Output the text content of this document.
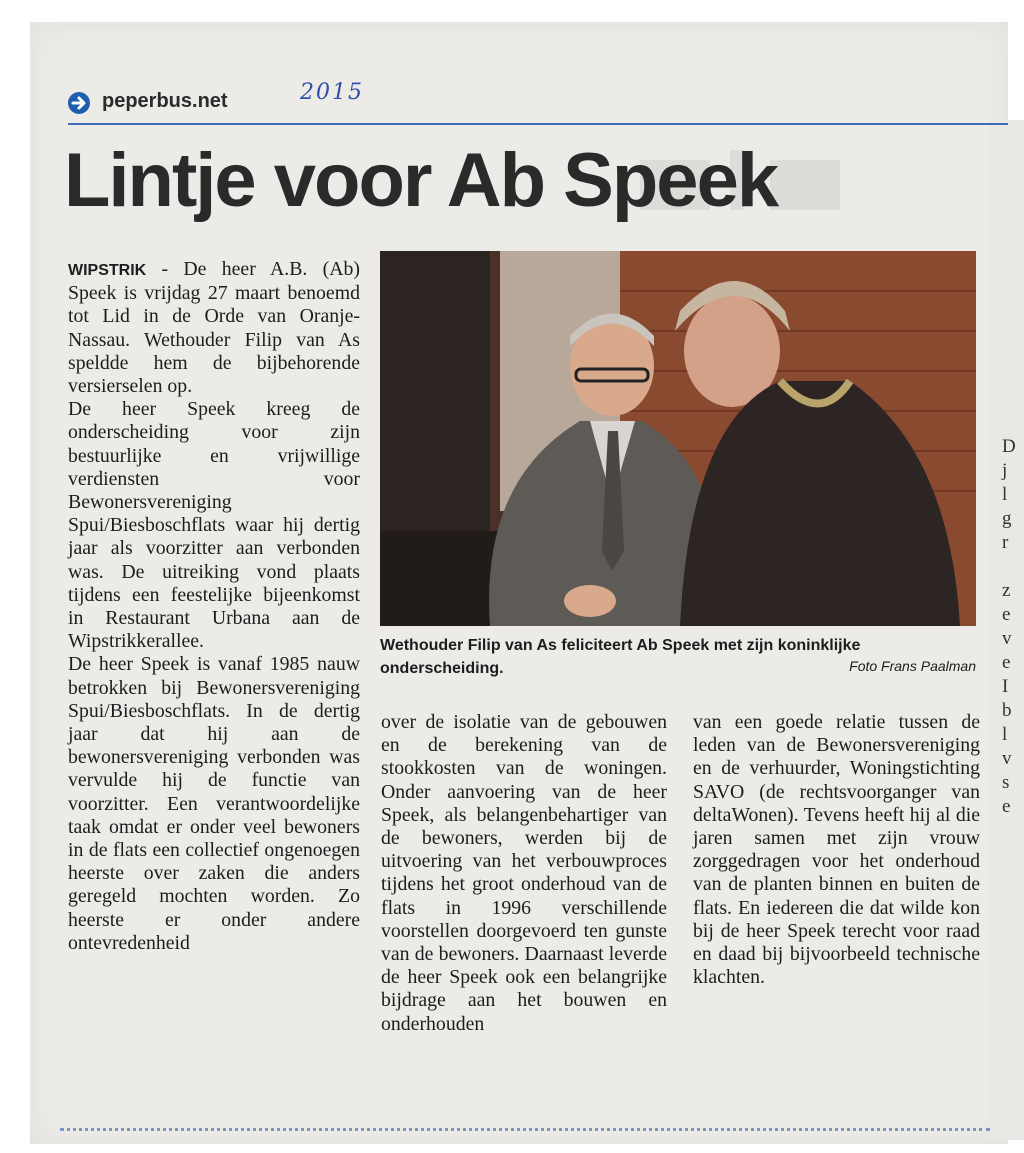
D
j
l
g
r
z
e
v
e
I
b
l
v
s
e
peperbus.net	2015
Lintje voor Ab Speek

WIPSTRIK - De heer A.B. (Ab) Speek is vrijdag 27 maart benoemd tot Lid in de Orde van Oranje-Nassau. Wethouder Filip van As speldde hem de bijbehorende versierselen op.

De heer Speek kreeg de onderscheiding voor zijn bestuurlijke en vrijwillige verdiensten voor Bewonersvereniging Spui/Biesboschflats waar hij dertig jaar als voorzitter aan verbonden was. De uitreiking vond plaats tijdens een feestelijke bijeenkomst in Restaurant Urbana aan de Wipstrikkerallee.

De heer Speek is vanaf 1985 nauw betrokken bij Bewonersvereniging Spui/Biesboschflats. In de dertig jaar dat hij aan de bewonersvereniging verbonden was vervulde hij de functie van voorzitter. Een verantwoordelijke taak omdat er onder veel bewoners in de flats een collectief ongenoegen heerste over zaken die anders geregeld mochten worden. Zo heerste er onder andere ontevredenheid

Wethouder Filip van As feliciteert Ab Speek met zijn koninklijke onderscheiding.	Foto Frans Paalman

over de isolatie van de gebouwen en de berekening van de stookkosten van de woningen. Onder aanvoering van de heer Speek, als belangenbehartiger van de bewoners, werden bij de uitvoering van het verbouwproces tijdens het groot onderhoud van de flats in 1996 verschillende voorstellen doorgevoerd ten gunste van de bewoners. Daarnaast leverde de heer Speek ook een belangrijke bijdrage aan het bouwen en onderhouden

van een goede relatie tussen de leden van de Bewonersvereniging en de verhuurder, Woningstichting SAVO (de rechtsvoorganger van deltaWonen). Tevens heeft hij al die jaren samen met zijn vrouw zorggedragen voor het onderhoud van de planten binnen en buiten de flats. En iedereen die dat wilde kon bij de heer Speek terecht voor raad en daad bij bijvoorbeeld technische klachten.
